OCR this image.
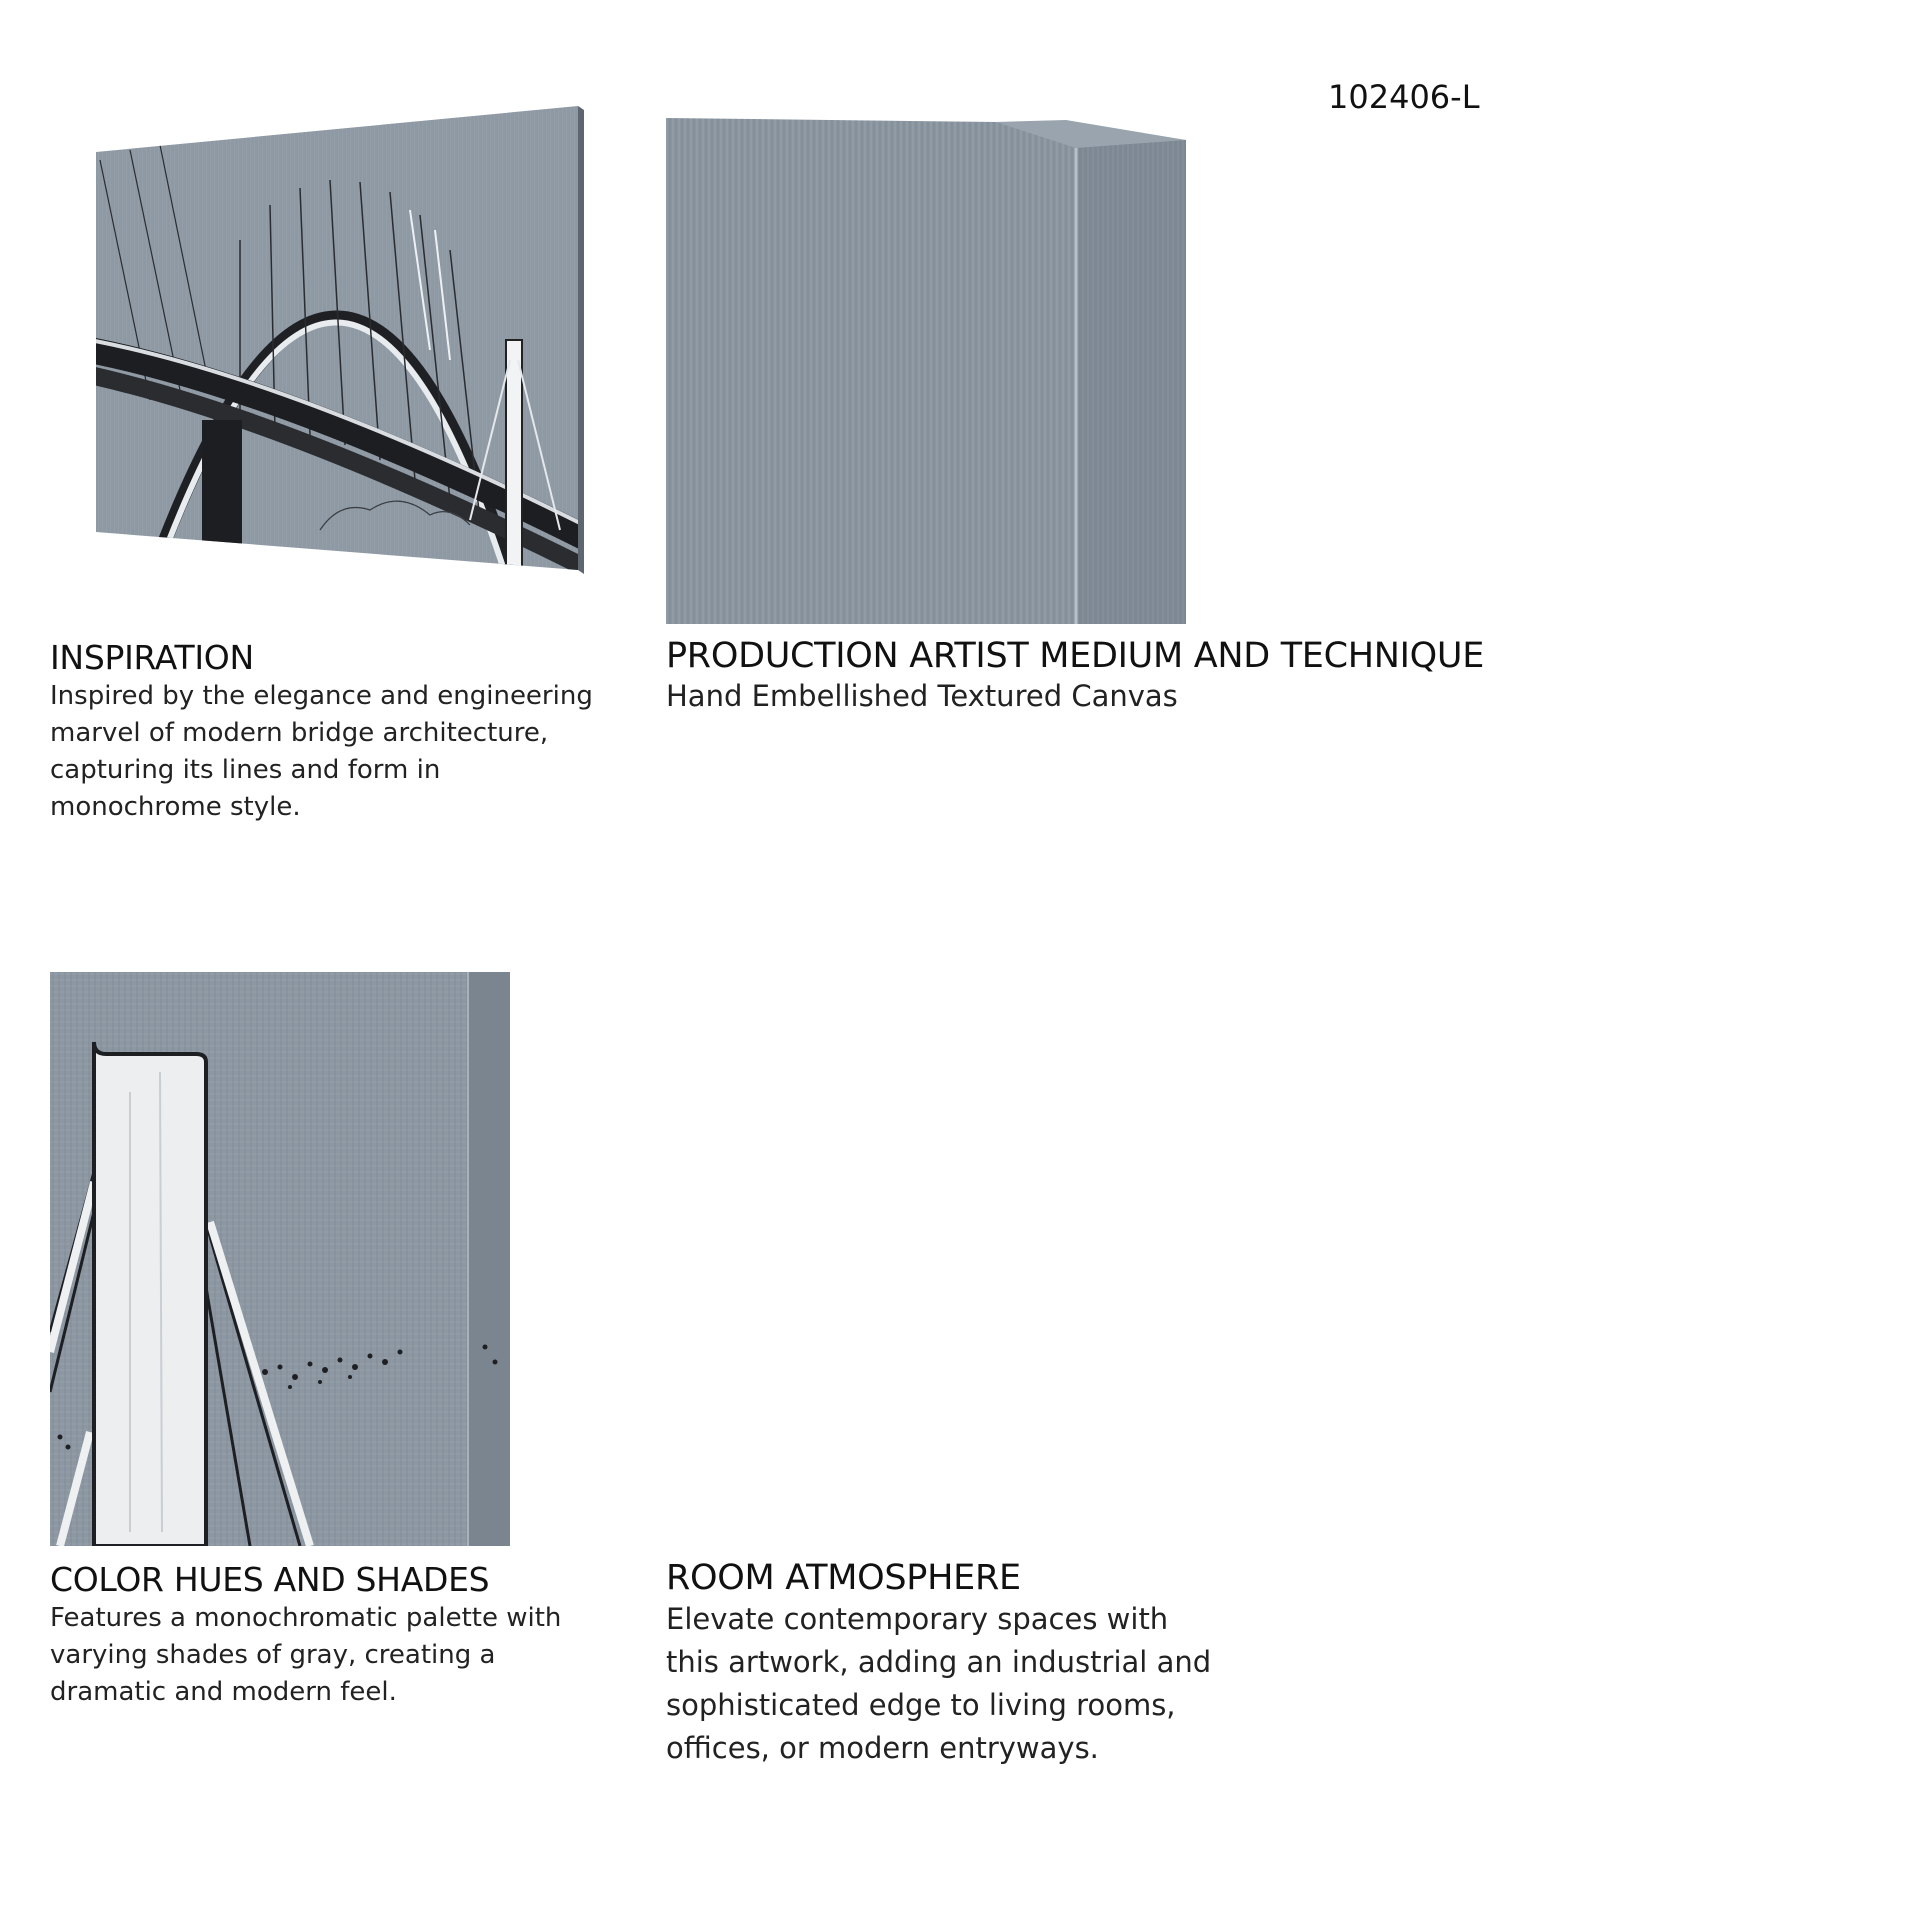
102406-L
INSPIRATION
Inspired by the elegance and engineering marvel of modern bridge architecture, capturing its lines and form in monochrome style.
PRODUCTION ARTIST MEDIUM AND TECHNIQUE
Hand Embellished Textured Canvas
COLOR HUES AND SHADES
Features a monochromatic palette with varying shades of gray, creating a dramatic and modern feel.
ROOM ATMOSPHERE
Elevate contemporary spaces with this artwork, adding an industrial and sophisticated edge to living rooms, offices, or modern entryways.
